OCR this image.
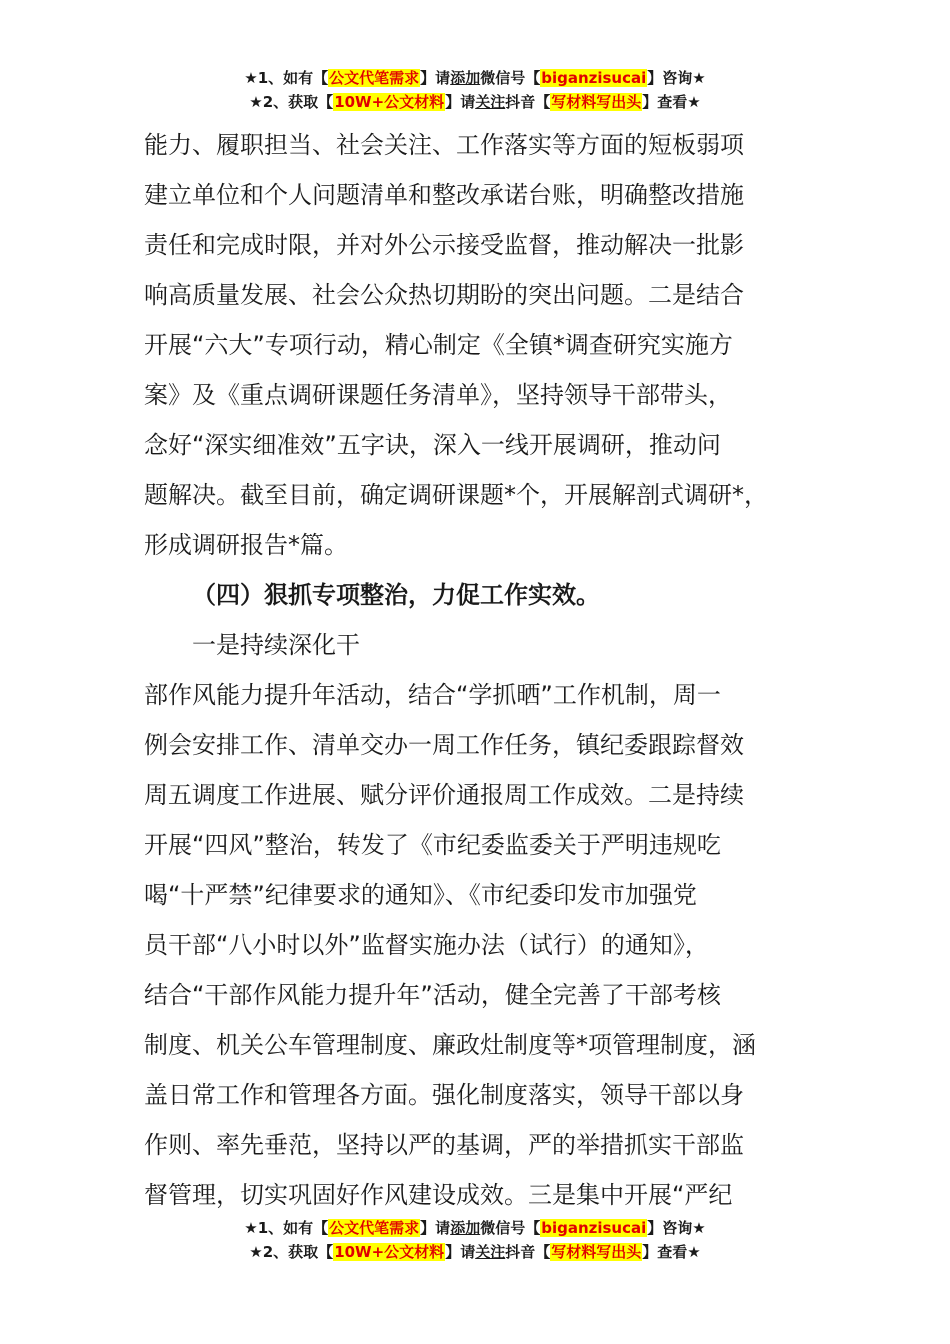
★1、如有【公文代笔需求】请添加微信号【biganzisucai】咨询★
★2、获取【10W+公文材料】请关注抖音【写材料写出头】查看★

能力、履职担当、社会关注、工作落实等方面的短板弱项
建立单位和个人问题清单和整改承诺台账，明确整改措施
责任和完成时限，并对外公示接受监督，推动解决一批影
响高质量发展、社会公众热切期盼的突出问题。二是结合
开展“六大”专项行动，精心制定《全镇*调查研究实施方
案》及《重点调研课题任务清单》，坚持领导干部带头，
念好“深实细准效”五字诀，深入一线开展调研，推动问
题解决。截至目前，确定调研课题*个，开展解剖式调研*，
形成调研报告*篇。

（四）狠抓专项整治，力促工作实效。
一是持续深化干
部作风能力提升年活动，结合“学抓晒”工作机制，周一
例会安排工作、清单交办一周工作任务，镇纪委跟踪督效
周五调度工作进展、赋分评价通报周工作成效。二是持续
开展“四风”整治，转发了《市纪委监委关于严明违规吃
喝“十严禁”纪律要求的通知》、《市纪委印发市加强党
员干部“八小时以外”监督实施办法（试行）的通知》，
结合“干部作风能力提升年”活动，健全完善了干部考核
制度、机关公车管理制度、廉政灶制度等*项管理制度，涵
盖日常工作和管理各方面。强化制度落实，领导干部以身
作则、率先垂范，坚持以严的基调，严的举措抓实干部监
督管理，切实巩固好作风建设成效。三是集中开展“严纪

★1、如有【公文代笔需求】请添加微信号【biganzisucai】咨询★
★2、获取【10W+公文材料】请关注抖音【写材料写出头】查看★
